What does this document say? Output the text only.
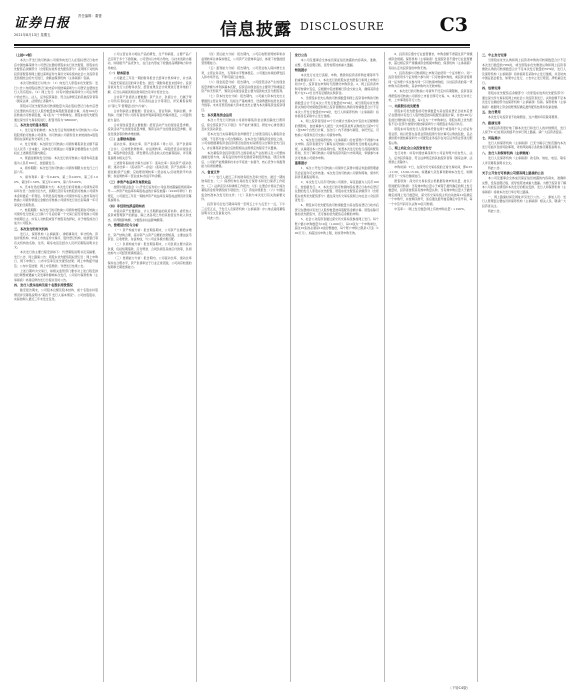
证券日报 责任编辑：董蕾
2021年8月13日 星期五	信息披露 DISCLOSURE	C3
（上接C2版）
本次公开发行的可转换公司债券向发行人在股权登记日收市后中国结算深圳分公司登记在册的原股东实行优先配售，原股东优先配售后余额部分（含原股东放弃优先配售部分）采用网下对机构投资者配售和网上通过深圳证券交易所交易系统向社会公众投资者发售相结合的方式进行，余额由保荐机构（主承销商）包销。
本次可转债发行对象为：（1）向发行人原股东优先配售：发行公告公布的股权登记日收市后中国结算深圳分公司登记在册的发行人所有股东。（2）网上发行：持有中国结算深圳分公司证券账户的自然人、法人、证券投资基金、符合法律规定的其他投资者等（国家法律、法规禁止者除外）。
原股东可优先配售的可转债数量为其在股权登记日收市后登记在册的持有发行人股份数量按每股配售面值计算，并按100元/张转换为可转债张数，每1张为一个申购单位。原股东的优先配售通过深交所交易系统进行，配售代码为“080000”。
二、本次发行的基本情况
1、发行证券的种类：本次发行证券的种类为可转换为公司A股股票的可转换公司债券。该可转换公司债券及未来转换的A股股票将在深圳证券交易所上市。
2、发行规模：本次拟发行可转换公司债券募集资金总额不超过人民币（含本数），具体发行规模由公司董事会根据股东大会授权在上述额度范围内确定。
3、票面金额和发行价格：本次发行的可转换公司债券每张面值为人民币100元，按面值发行。
4、债券期限：本次发行的可转换公司债券期限为自发行之日起六年。
5、债券利率：第一年0.40%、第二年0.60%、第三年1.00%、第四年1.50%、第五年2.00%、第六年3.00%。
6、还本付息的期限和方式：本次发行的可转换公司债券采用每年付息一次的付息方式，到期归还所有未转股的可转换公司债券本金和最后一年利息。年利息指可转换公司债券持有人按持有的可转换公司债券票面总金额自可转换公司债券发行首日起每满一年可享受的当期利息。
7、转股期限：本次发行的可转换公司债券转股期自可转换公司债券发行结束之日满六个月后的第一个交易日起至可转换公司债券到期日止。持有人对转股或者不转股有选择权，并于转股的次日成为公司股东。
三、本次发行的有关机构
发行人、保荐机构（主承销商）、律师事务所、审计机构、资信评级机构、申请上市的证券交易所、股份登记机构、收款银行等有关机构的名称、住所、联系电话及经办人员详见募集说明书全文。
本次发行的主要日程安排如下：刊登募集说明书及其摘要、发行公告、网上路演公告；原股东优先配售股权登记日；网上申购日、网下申购日；公布中签率及优先配售结果；网上申购摇号抽签；公布中签结果；网上中签缴款；刊登发行结果公告。
上述日期均为交易日，如相关监管部门要求对上述日程安排进行调整或遇重大突发事件影响本次发行，公司将与保荐机构（主承销商）协商后修改发行日程并及时公告。
四、发行人股本结构及前十名股东持股情况
截至报告期末，公司股本总额及股本结构、前十名股东持股情况详见募集说明书“第四节 发行人基本情况”。公司控股股东、实际控制人最近三年未发生变化。
公司主营业务为相关产品的研发、生产和销售，主要产品广泛应用于多个下游领域。公司坚持以市场为导向，以技术创新为驱动，持续提升产品竞争力，在行业内形成了较强的品牌影响力和市场地位。
（一）财务报表
公司最近三年及一期的财务报告已经审计机构审计，并出具了标准无保留意见的审计报告。最近一期财务报表未经审计。投资者欲对发行人的财务状况、经营成果及会计政策进行更详细的了解，应当认真阅读相关财务报告及审计报告全文。
合并资产负债表主要数据：资产总计、负债合计、归属于母公司所有者权益合计、所有者权益合计等项目，详见募集说明书“第七节 管理层讨论与分析”。
合并利润表主要数据：营业收入、营业利润、利润总额、净利润、归属于母公司所有者的净利润等项目均保持稳定，公司盈利能力良好。
合并现金流量表主要数据：经营活动产生的现金流量净额、投资活动产生的现金流量净额、筹资活动产生的现金流量净额、现金及现金等价物净增加额。
（二）主要财务指标
流动比率、速动比率、资产负债率（母公司）、资产负债率（合并）、应收账款周转率、存货周转率、每股经营活动现金流量、每股净现金流量、研发费用占营业收入的比重等指标，详见募集说明书相关章节。
上述财务指标的计算方法如下：流动比率＝流动资产/流动负债；速动比率＝（流动资产－存货）/流动负债；资产负债率＝负债总额/资产总额；应收账款周转率＝营业收入/应收账款平均余额；存货周转率＝营业成本/存货平均余额。
（三）净资产收益率及每股收益
按照中国证监会《公开发行证券的公司信息披露编报规则第9号——净资产收益率和每股收益的计算及披露》（2010年修订）的规定，公司最近三年及一期的净资产收益率及每股收益情况详见募集说明书。
（四）非经常性损益明细表
非流动资产处置损益、计入当期损益的政府补助、委托他人投资或管理资产的损益、除上述各项之外的其他营业外收入和支出、所得税影响额、少数股东权益影响额等。
六、管理层讨论与分析
（一）资产构成分析：报告期各期末，公司资产总额稳步增长，资产结构合理，流动资产占资产总额的比例较高，主要由货币资金、应收账款、存货构成，与公司业务模式相匹配。
（二）负债构成分析：报告期各期末，公司负债主要为流动负债，包括短期借款、应付账款、合同负债及其他应付款等，负债结构与公司经营规模相适应。
（三）偿债能力分析：报告期内，公司流动比率、速动比率保持在合理水平，资产负债率处于行业正常范围，公司具有较强的短期和长期偿债能力。
（四）营运能力分析：报告期内，公司应收账款周转率和存货周转率总体保持稳定，公司资产运营效率良好，体现了较强的经营管理能力。
（五）盈利能力分析：报告期内，公司营业收入保持增长态势，主营业务突出，毛利率水平整体稳定。公司通过持续的研发投入和市场开拓，不断巩固行业地位。
（六）现金流量分析：报告期内，公司经营活动产生的现金流量净额与净利润基本匹配，投资活动现金流出主要用于购建固定资产和无形资产，筹资活动现金流量主要为借款收支及分配股利。
（七）资本性支出分析：报告期内，公司重大资本性支出主要围绕主营业务开展，包括生产基地建设、设备购置和信息化系统升级等。未来可预见的重大资本性支出主要为本次募集资金投资项目。
七、本次募集资金运用
本次公开发行可转换公司债券募集资金总额扣除发行费用后，拟全部投资于以下项目：年产能扩建项目、研发中心建设项目及补充流动资金。
若本次发行实际募集资金净额低于上述项目拟投入募集资金总额，不足部分由公司自筹解决。在本次发行募集资金到位之前，公司将根据募集资金投资项目进度的实际情况以自筹资金先行投入，并在募集资金到位后按照相关法规规定的程序予以置换。
本次募集资金投资项目符合国家相关产业政策以及公司整体战略发展方向，具有良好的市场发展前景和经济效益。项目实施后，公司的产能规模和技术水平将进一步提升，核心竞争力和盈利能力将得到增强。
八、备查文件
（一）发行人最近三年的财务报告及审计报告、最近一期的财务报告；（二）保荐机构出具的发行保荐书和发行保荐工作报告；（三）法律意见书和律师工作报告；（四）注册会计师关于前次募集资金使用情况的专项报告；（五）资信评级报告；（六）中国证监会核准本次发行的文件；（七）其他与本次发行有关的重要文件。
投资者可在发行期间每周一至周五上午九点至十一点，下午三点至五点，于发行人及保荐机构（主承销商）办公地点查阅募集说明书全文及备查文件。
特此公告。
发行公告
本公司及董事会全体成员保证信息披露的内容真实、准确、完整，没有虚假记载、误导性陈述或重大遗漏。
特别提示
本次发行在发行流程、申购、缴款和投资者弃购处理等环节的重要提示如下：1、本次发行的原股东优先配售日和网上申购日同为T日，投资者在申购时无需缴付申购资金。2、网上投资者申购可转债中签后，应根据中签结果履行资金交收义务，确保其资金账户在T+2日日终有足额的认购资金。
3、当原股东优先认购的可转债数量和网上投资者申购的可转债数量合计不足本次公开发行数量的70%时，或当原股东优先缴款认购的可转债数量和网上投资者缴款认购的可转债数量合计不足本次公开发行数量的70%时，发行人和保荐机构（主承销商）将协商是否采取中止发行措施。
4、网上投资者连续12个月内累计出现3次中签但未足额缴款的情形时，自结算参与人最近一次申报其放弃认购的次日起6个月（按180个自然日计算，含次日）内不得参与新股、存托凭证、可转换公司债券及可交换公司债券申购。
5、本次发行的保荐机构（主承销商）的自营账户不得参与本次申购。投资者须充分了解有关可转换公司债券发行的相关法律法规，认真阅读本公告的各项内容，知悉本次发行的发行流程和配售原则，充分了解可转换公司债券投资风险与市场风险，审慎参与本次可转换公司债券申购。
重要提示
1、本次公开发行可转换公司债券已获得中国证券监督管理委员会证监许可文件核准。本次发行的可转换公司债券简称、债券代码详见募集说明书。
2、本次发行人民币可转换公司债券，每张面值为人民币100元，按面值发行。3、本次发行的可转债向股权登记日收市后登记在册的发行人原股东优先配售，原股东优先配售后余额部分（含原股东放弃优先配售部分）通过深交所交易系统网上向社会公众投资者发行。
4、原股东可优先配售的可转债数量为其在股权登记日收市后登记在册的持有发行人股份数量按每股配售金额计算。原股东除可参加优先配售外，还可参加优先配售后余额的申购。
5、社会公众投资者通过深交所交易系统参加网上发行。每个账户最小申购数量为10张（1,000元），每10张为一个申购单位，超过10张的必须是10张的整数倍，每个账户申购上限是1万张（100万元），如超过该申购上限，则该笔申购无效。
6、投资者应遵守行业监管要求，申购金额不得超过资产规模或资金规模。保荐机构（主承销商）发现投资者不遵守行业监管要求，超过相应资产规模或资金规模申购的，保荐机构（主承销商）有权认定该投资者的申购无效。
7、投资者参与可转债网上申购只能使用一个证券账户。同一投资者使用多个证券账户参与同一只可转债申购的，或投资者使用同一证券账户多次参与同一只可转债申购的，以该投资者的第一笔申购为有效申购，其余申购均为无效申购。
8、本次发行的可转换公司债券不设定持有期限制，投资者获得配售的可转换公司债券上市首日即可交易。9、本次发行并非上市，上市事项将另行公告。
一、向原股东优先配售
原股东可优先配售的可转债数量为其在股权登记日收市后登记在册的持有发行人股份数量按每股配售面值计算，并按100元/张的比例转换为张数，每1张为一个申购单位。原股东网上优先配售不足1张部分按照中国结算深圳分公司配股业务指引执行。
原股东持有的发行人股票如托管在两个或者两个以上的证券营业部，则以托管在各营业部的股票分别计算可认购的张数，且必须依照中国结算深圳分公司配股业务指引在对应证券营业部进行配售认购。
二、网上向社会公众投资者发行
发行对象：持有中国结算深圳分公司证券账户的自然人、法人、证券投资基金、符合法律规定的其他投资者等（国家法律、法规禁止者除外）。
申购时间：T日，在深交所交易系统的正常交易时间，即9:15-11:30，13:00-15:00。如遇重大突发事件影响本次发行，则顺延至下一交易日继续进行。
配售原则：深交所交易系统主机根据有效申购总量，按以下原则配售可转债：当有效申购总量小于或等于最终确定的网上发行数量时，投资者按照其有效申购量认购；当有效申购总量大于最终确定的网上发行数量时，深交所交易系统主机自动按每10张确定一个申购号，并按顺序排号，而后通过摇号抽签确定中签号码，每一个中签号码可以认购10张可转债。
中签率＝（网上发行数量/网上有效申购总量）×100%。
三、中止发行安排
当原股东优先认购和网上投资者申购的可转债数量合计不足本次发行数量的70%时，或当原股东优先缴款认购和网上投资者缴款认购的可转债数量合计不足本次发行数量的70%时，发行人及保荐机构（主承销商）将协商是否采取中止发行措施，并及时向中国证监会报告，如果中止发行，公告中止发行原因，择机重启发行。
四、包销安排
原股东优先配售后余额部分（含原股东放弃优先配售部分）通过深交所交易系统网上向社会公众投资者发行，认购金额不足本次发行总额的部分由保荐机构（主承销商）包销。保荐机构（主承销商）根据网上资金到账情况确定最终配售结果和包销金额。
五、发行费用
本次发行对投资者不收取佣金、过户费和印花税等费用。
六、路演安排
为使投资者更好地了解本次发行和发行人的详细情况，发行人拟于T-1日在相关网络平台举行网上路演。请广大投资者留意。
七、风险揭示
发行人和保荐机构（主承销商）已充分揭示已知范围内本次发行可能涉及的风险事项，详细风险揭示条款参见募集说明书。
八、发行人和保荐机构（主承销商）
发行人及保荐机构（主承销商）的名称、地址、电话、联系人详见募集说明书全文。
特此公告。
关于公开发行可转换公司债券网上路演的公告
本公司及董事会全体成员保证信息披露的内容真实、准确和完整，没有虚假记载、误导性陈述或重大遗漏。为便于投资者了解本公司的有关情况和本次发行的相关安排，发行人和保荐机构（主承销商）将就本次发行举行网上路演。
一、网上路演时间及网址详见发行公告。二、参加人员：发行人管理层主要成员和保荐机构（主承销商）相关人员。敬请广大投资者关注。
特此公告。
（下转C4版）
